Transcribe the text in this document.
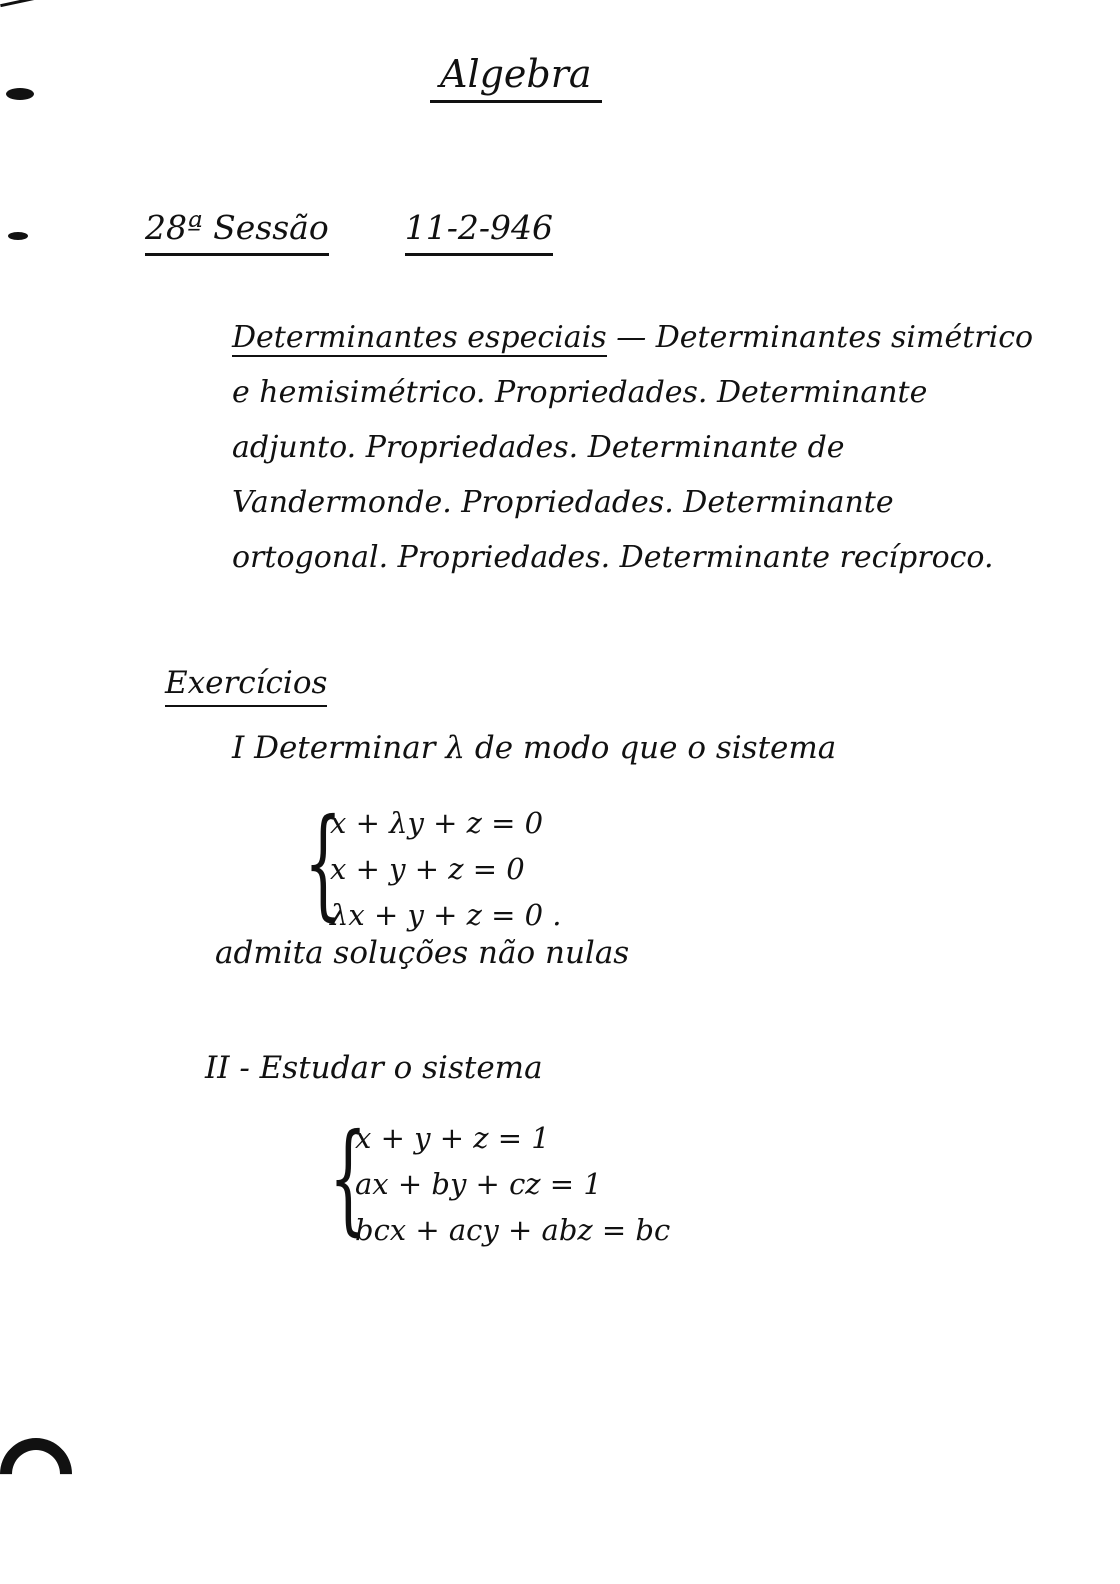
Algebra
28ª Sessão 11-2-946
Determinantes especiais — Determinantes simétrico e hemisimétrico. Propriedades. Determinante adjunto. Propriedades. Determinante de Vandermonde. Propriedades. Determinante ortogonal. Propriedades. Determinante recíproco.
Exercícios
I Determinar λ de modo que o sistema
{
x + λy + z = 0
x + y + z = 0
λx + y + z = 0 .
admita soluções não nulas
II - Estudar o sistema
{
x + y + z = 1
ax + by + cz = 1
bcx + acy + abz = bc
